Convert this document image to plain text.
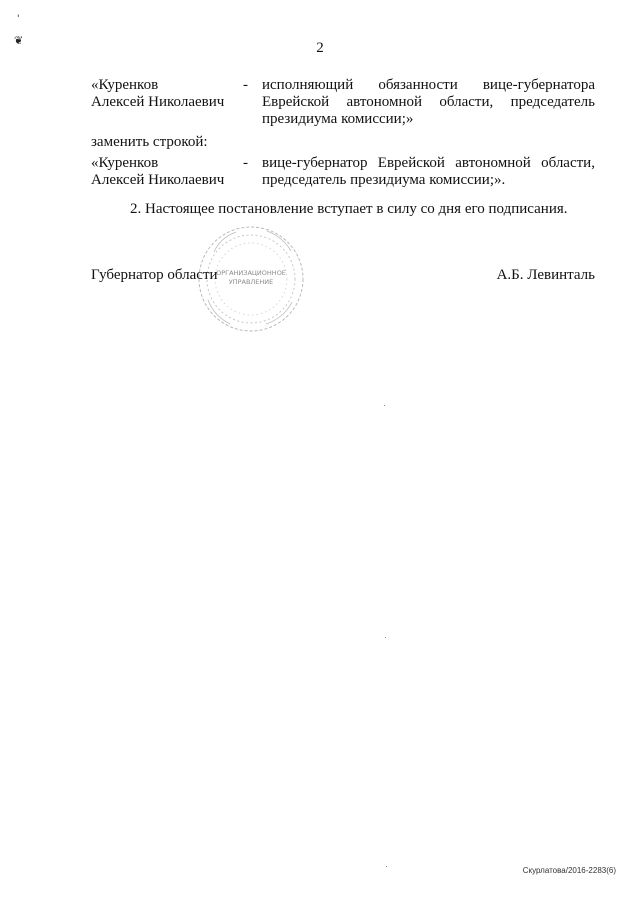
'
❦	2
«Куренков
Алексей Николаевич
- исполняющий обязанности вице-губернатора
Еврейской автономной области, председатель
президиума комиссии;»
заменить строкой:
«Куренков
Алексей Николаевич
- вице-губернатор Еврейской автономной области,
председатель президиума комиссии;».
2. Настоящее постановление вступает в силу со дня его подписания.
ОРГАНИЗАЦИОННОЕ
УПРАВЛЕНИЕ
Губернатор области	А.Б. Левинталь
Скурлатова/2016-2283(6)
